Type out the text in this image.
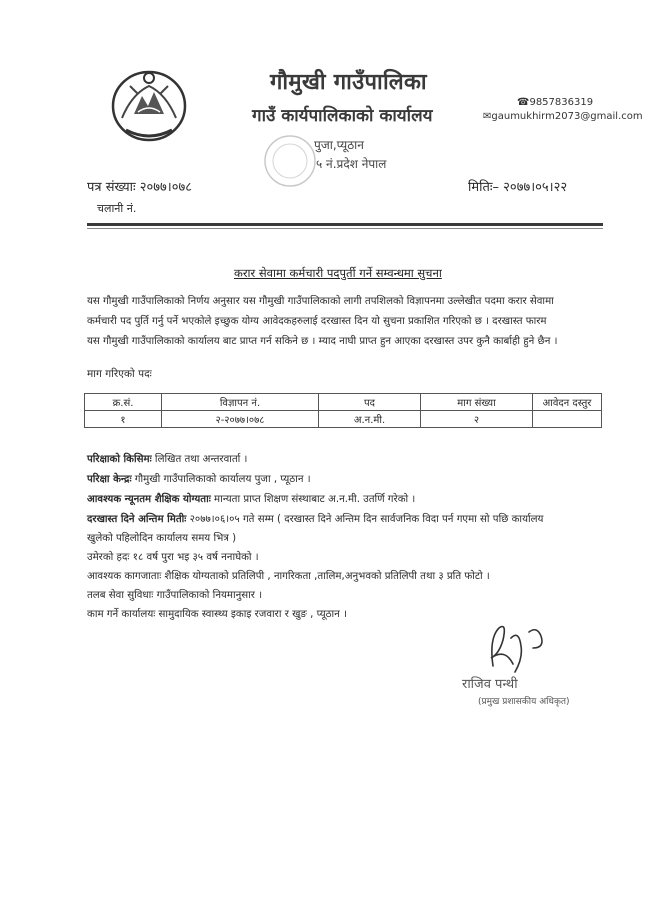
गौमुखी गाउँपालिका
गाउँ कार्यपालिकाको कार्यालय
पुजा,प्यूठान
५ नं.प्रदेश नेपाल
☎9857836319
✉gaumukhirm2073@gmail.com
पत्र संख्याः २०७७।०७८	मितिः– २०७७।०५।२२
चलानी नं.
करार सेवामा कर्मचारी पदपुर्ती गर्ने सम्वन्धमा सुचना
यस गौमुखी गाउँपालिकाको निर्णय अनुसार यस गौमुखी गाउँपालिकाको लागी तपशिलको विज्ञापनमा उल्लेखीत पदमा करार सेवामा
कर्मचारी पद पुर्ति गर्नु पर्ने भएकोले इच्छुक योग्य आवेदकहरुलाई दरखास्त दिन यो सुचना प्रकाशित गरिएको छ । दरखास्त फारम
यस गौमुखी गाउँपालिकाको कार्यालय बाट प्राप्त गर्न सकिने छ । म्याद नाघी प्राप्त हुन आएका दरखास्त उपर कुनै कार्बाही हुने छैन ।
माग गरिएको पदः
क्र.सं.	विज्ञापन नं.	पद	माग संख्या	आवेदन दस्तुर
१	२-२०७७।०७८	अ.न.मी.	२	
परिक्षाको किसिमः लिखित तथा अन्तरवार्ता ।
परिक्षा केन्द्रः गौमुखी गाउँपालिकाको कार्यालय पुजा , प्यूठान ।
आवश्यक न्यूनतम शैक्षिक योग्यताः मान्यता प्राप्त शिक्षण संस्थाबाट अ.न.मी. उतर्णि गरेको ।
दरखास्त दिने अन्तिम मितीः २०७७।०६।०५ गते सम्म ( दरखास्त दिने अन्तिम दिन सार्वजनिक विदा पर्न गएमा सो पछि कार्यालय
खुलेको पहिलोदिन कार्यालय समय भित्र )
उमेरको हदः १८ वर्ष पुरा भइ ३५ वर्ष ननाघेको ।
आवश्यक कागजाताः शैक्षिक योग्यताको प्रतिलिपी , नागरिकता ,तालिम,अनुभवको प्रतिलिपी तथा ३ प्रति फोटो ।
तलब सेवा सुविधाः गाउँपालिकाको नियमानुसार ।
काम गर्ने कार्यालयः सामुदायिक स्वास्थ्य इकाइ रजवारा र खुङ , प्यूठान ।
राजिव पन्थी
(प्रमुख प्रशासकीय अधिकृत)
